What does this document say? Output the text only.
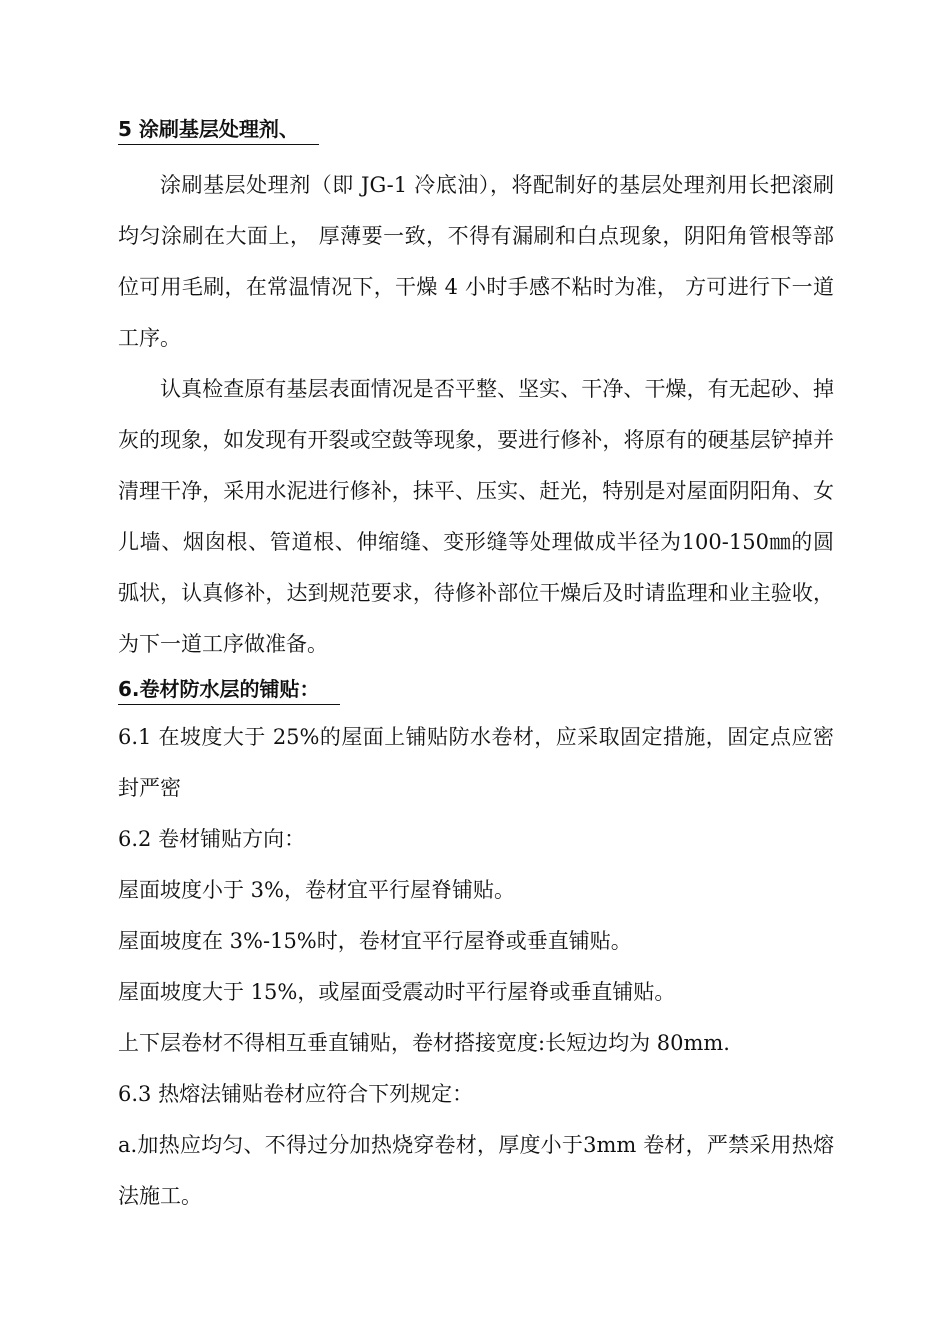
5 涂刷基层处理剂、

涂刷基层处理剂（即 JG-1 冷底油），将配制好的基层处理剂用长把滚刷均匀涂刷在大面上， 厚薄要一致，不得有漏刷和白点现象，阴阳角管根等部位可用毛刷，在常温情况下，干燥 4 小时手感不粘时为准， 方可进行下一道工序。

认真检查原有基层表面情况是否平整、坚实、干净、干燥，有无起砂、掉灰的现象，如发现有开裂或空鼓等现象，要进行修补，将原有的硬基层铲掉并清理干净，采用水泥进行修补，抹平、压实、赶光，特别是对屋面阴阳角、女儿墙、烟囱根、管道根、伸缩缝、变形缝等处理做成半径为100-150㎜的圆弧状，认真修补，达到规范要求，待修补部位干燥后及时请监理和业主验收，为下一道工序做准备。

6.卷材防水层的铺贴：

6.1 在坡度大于 25%的屋面上铺贴防水卷材，应采取固定措施，固定点应密封严密

6.2 卷材铺贴方向：

屋面坡度小于 3%，卷材宜平行屋脊铺贴。

屋面坡度在 3%-15%时，卷材宜平行屋脊或垂直铺贴。

屋面坡度大于 15%，或屋面受震动时平行屋脊或垂直铺贴。

上下层卷材不得相互垂直铺贴，卷材搭接宽度:长短边均为 80mm.

6.3 热熔法铺贴卷材应符合下列规定：

a.加热应均匀、不得过分加热烧穿卷材，厚度小于3mm 卷材，严禁采用热熔法施工。
